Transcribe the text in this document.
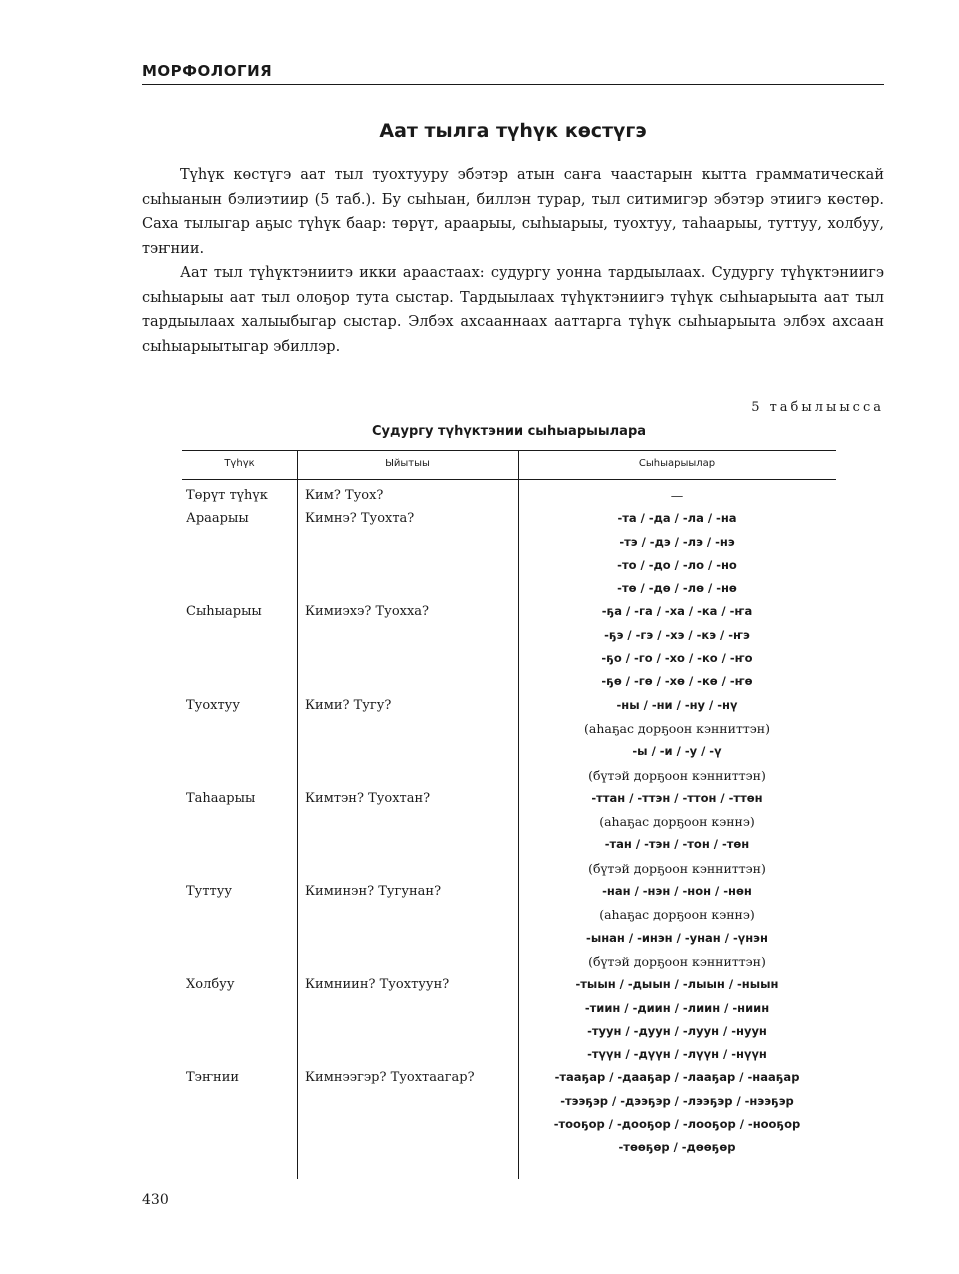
МОРФОЛОГИЯ
Аат тылга түһүк көстүгэ

Түһүк көстүгэ аат тыл туохтууру эбэтэр атын саҥа чаастарын кытта грамматическай сыһыанын бэлиэтиир (5 таб.). Бу сыһыан, биллэн турар, тыл ситимигэр эбэтэр этиигэ көстөр. Саха тылыгар аҕыс түһүк баар: төрүт, араарыы, сыһыарыы, туохтуу, таһаарыы, туттуу, холбуу, тэҥнии.

Аат тыл түһүктэниитэ икки араастаах: судургу уонна тардыылаах. Судургу түһүктэниигэ сыһыарыы аат тыл олоҕор тута сыстар. Тардыылаах түһүктэниигэ түһүк сыһыарыыта аат тыл тардыылаах халыыбыгар сыстар. Элбэх ахсааннаах ааттарга түһүк сыһыарыыта элбэх ахсаан сыһыарыытыгар эбиллэр.

5 табылыысса
Судургу түһүктэнии сыһыарыылара
Түһүк	Ыйытыы	Сыһыарыылар
Төрүт түһүк	Ким? Туох?	—
Араарыы	Кимнэ? Туохта?	-та / -да / -ла / -на
-тэ / -дэ / -лэ / -нэ
-то / -до / -ло / -но
-тө / -дө / -лө / -нө
Сыһыарыы	Кимиэхэ? Туохха?	-ҕа / -га / -ха / -ка / -ҥа
-ҕэ / -гэ / -хэ / -кэ / -ҥэ
-ҕо / -го / -хо / -ко / -ҥо
-ҕө / -гө / -хө / -кө / -ҥө
Туохтуу	Кими? Тугу?	-ны / -ни / -ну / -нү
(аһаҕас дорҕоон кэнниттэн)
-ы / -и / -у / -ү
(бүтэй дорҕоон кэнниттэн)
Таһаарыы	Кимтэн? Туохтан?	-ттан / -ттэн / -ттон / -ттөн
(аһаҕас дорҕоон кэннэ)
-тан / -тэн / -тон / -төн
(бүтэй дорҕоон кэнниттэн)
Туттуу	Киминэн? Тугунан?	-нан / -нэн / -нон / -нөн
(аһаҕас дорҕоон кэннэ)
-ынан / -инэн / -унан / -үнэн
(бүтэй дорҕоон кэнниттэн)
Холбуу	Кимниин? Туохтуун?	-тыын / -дыын / -лыын / -ныын
-тиин / -диин / -лиин / -ниин
-туун / -дуун / -луун / -нуун
-түүн / -дүүн / -лүүн / -нүүн
Тэҥнии	Кимнээгэр? Туохтаагар?	-тааҕар / -дааҕар / -лааҕар / -нааҕар
-тээҕэр / -дээҕэр / -лээҕэр / -нээҕэр
-тооҕор / -дооҕор / -лооҕор / -нооҕор
-төөҕөр / -дөөҕөр
430
